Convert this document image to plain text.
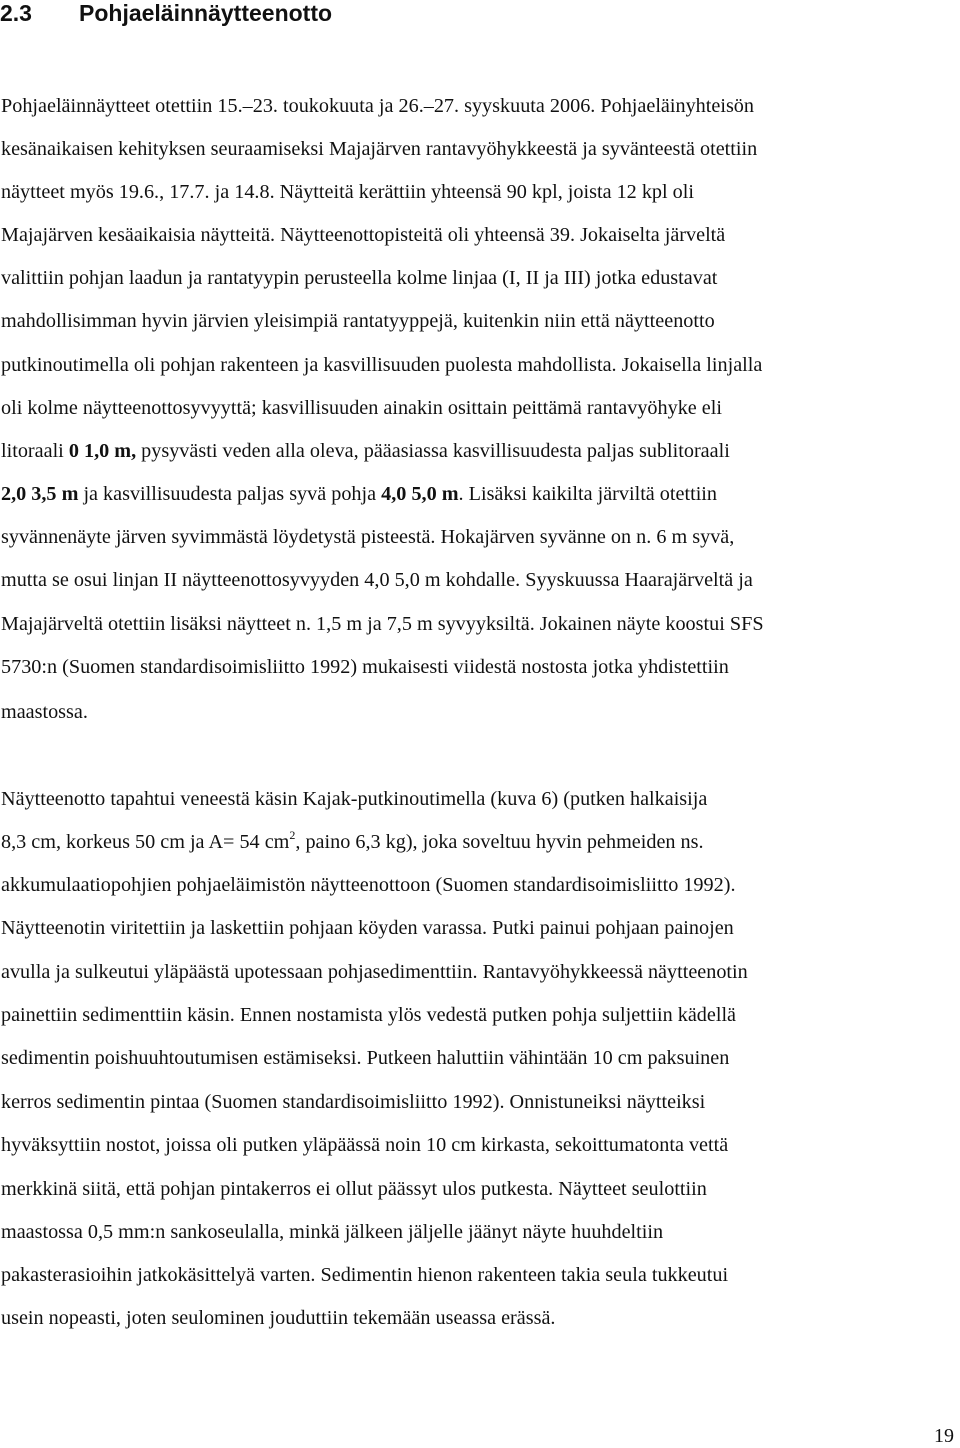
2.3 Pohjaeläinnäytteenotto
Pohjaeläinnäytteet otettiin 15.–23. toukokuuta ja 26.–27. syyskuuta 2006. Pohjaeläinyhteisön
kesänaikaisen kehityksen seuraamiseksi Majajärven rantavyöhykkeestä ja syvänteestä otettiin
näytteet myös 19.6., 17.7. ja 14.8. Näytteitä kerättiin yhteensä 90 kpl, joista 12 kpl oli
Majajärven kesäaikaisia näytteitä. Näytteenottopisteitä oli yhteensä 39. Jokaiselta järveltä
valittiin pohjan laadun ja rantatyypin perusteella kolme linjaa (I, II ja III) jotka edustavat
mahdollisimman hyvin järvien yleisimpiä rantatyyppejä, kuitenkin niin että näytteenotto
putkinoutimella oli pohjan rakenteen ja kasvillisuuden puolesta mahdollista. Jokaisella linjalla
oli kolme näytteenottosyvyyttä; kasvillisuuden ainakin osittain peittämä rantavyöhyke eli
litoraali 0 1,0 m, pysyvästi veden alla oleva, pääasiassa kasvillisuudesta paljas sublitoraali
2,0 3,5 m ja kasvillisuudesta paljas syvä pohja 4,0 5,0 m. Lisäksi kaikilta järviltä otettiin
syvännenäyte järven syvimmästä löydetystä pisteestä. Hokajärven syvänne on n. 6 m syvä,
mutta se osui linjan II näytteenottosyvyyden 4,0 5,0 m kohdalle. Syyskuussa Haarajärveltä ja
Majajärveltä otettiin lisäksi näytteet n. 1,5 m ja 7,5 m syvyyksiltä. Jokainen näyte koostui SFS
5730:n (Suomen standardisoimisliitto 1992) mukaisesti viidestä nostosta jotka yhdistettiin
maastossa.
Näytteenotto tapahtui veneestä käsin Kajak-putkinoutimella (kuva 6) (putken halkaisija
8,3 cm, korkeus 50 cm ja A= 54 $cm^2$, paino 6,3 kg), joka soveltuu hyvin pehmeiden ns.
akkumulaatiopohjien pohjaeläimistön näytteenottoon (Suomen standardisoimisliitto 1992).
Näytteenotin viritettiin ja laskettiin pohjaan köyden varassa. Putki painui pohjaan painojen
avulla ja sulkeutui yläpäästä upotessaan pohjasedimenttiin. Rantavyöhykkeessä näytteenotin
painettiin sedimenttiin käsin. Ennen nostamista ylös vedestä putken pohja suljettiin kädellä
sedimentin poishuuhtoutumisen estämiseksi. Putkeen haluttiin vähintään 10 cm paksuinen
kerros sedimentin pintaa (Suomen standardisoimisliitto 1992). Onnistuneiksi näytteiksi
hyväksyttiin nostot, joissa oli putken yläpäässä noin 10 cm kirkasta, sekoittumatonta vettä
merkkinä siitä, että pohjan pintakerros ei ollut päässyt ulos putkesta. Näytteet seulottiin
maastossa 0,5 mm:n sankoseulalla, minkä jälkeen jäljelle jäänyt näyte huuhdeltiin
pakasterasioihin jatkokäsittelyä varten. Sedimentin hienon rakenteen takia seula tukkeutui
usein nopeasti, joten seulominen jouduttiin tekemään useassa erässä.
19
